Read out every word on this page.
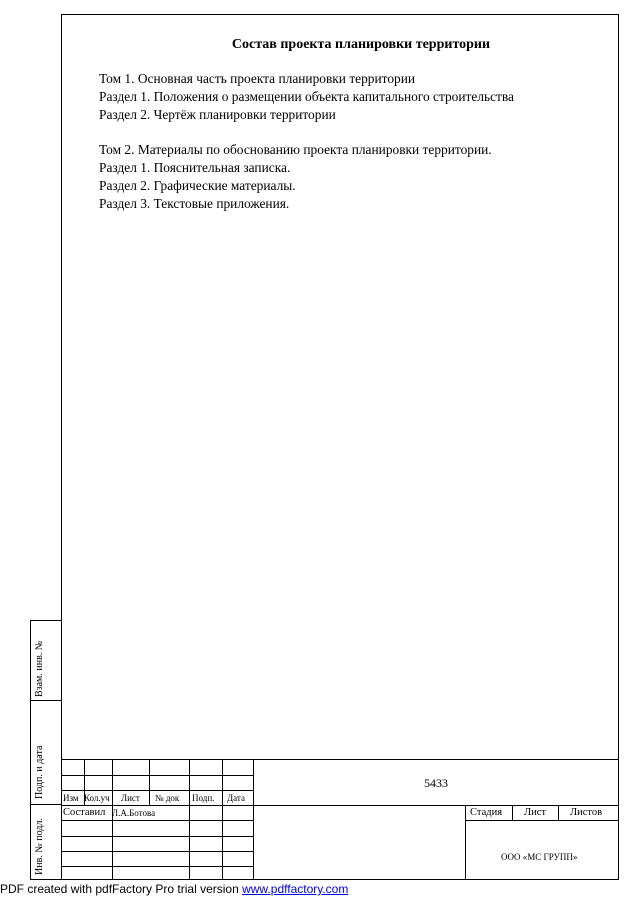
Состав проекта планировки территории
Том 1. Основная часть проекта планировки территории
Раздел 1. Положения о размещении объекта капитального строительства
Раздел 2. Чертёж планировки территории
Том 2. Материалы по обоснованию проекта планировки территории.
Раздел 1. Пояснительная записка.
Раздел 2. Графические материалы.
Раздел 3. Текстовые приложения.
Взам. инв. №
Подп. и дата
Инв. № подл.
5433
Изм Кол.уч Лист № док Подп. Дата
Составил Л.А.Ботова	Стадия Лист Листов
ООО «МС ГРУПП»
PDF created with pdfFactory Pro trial version www.pdffactory.com
